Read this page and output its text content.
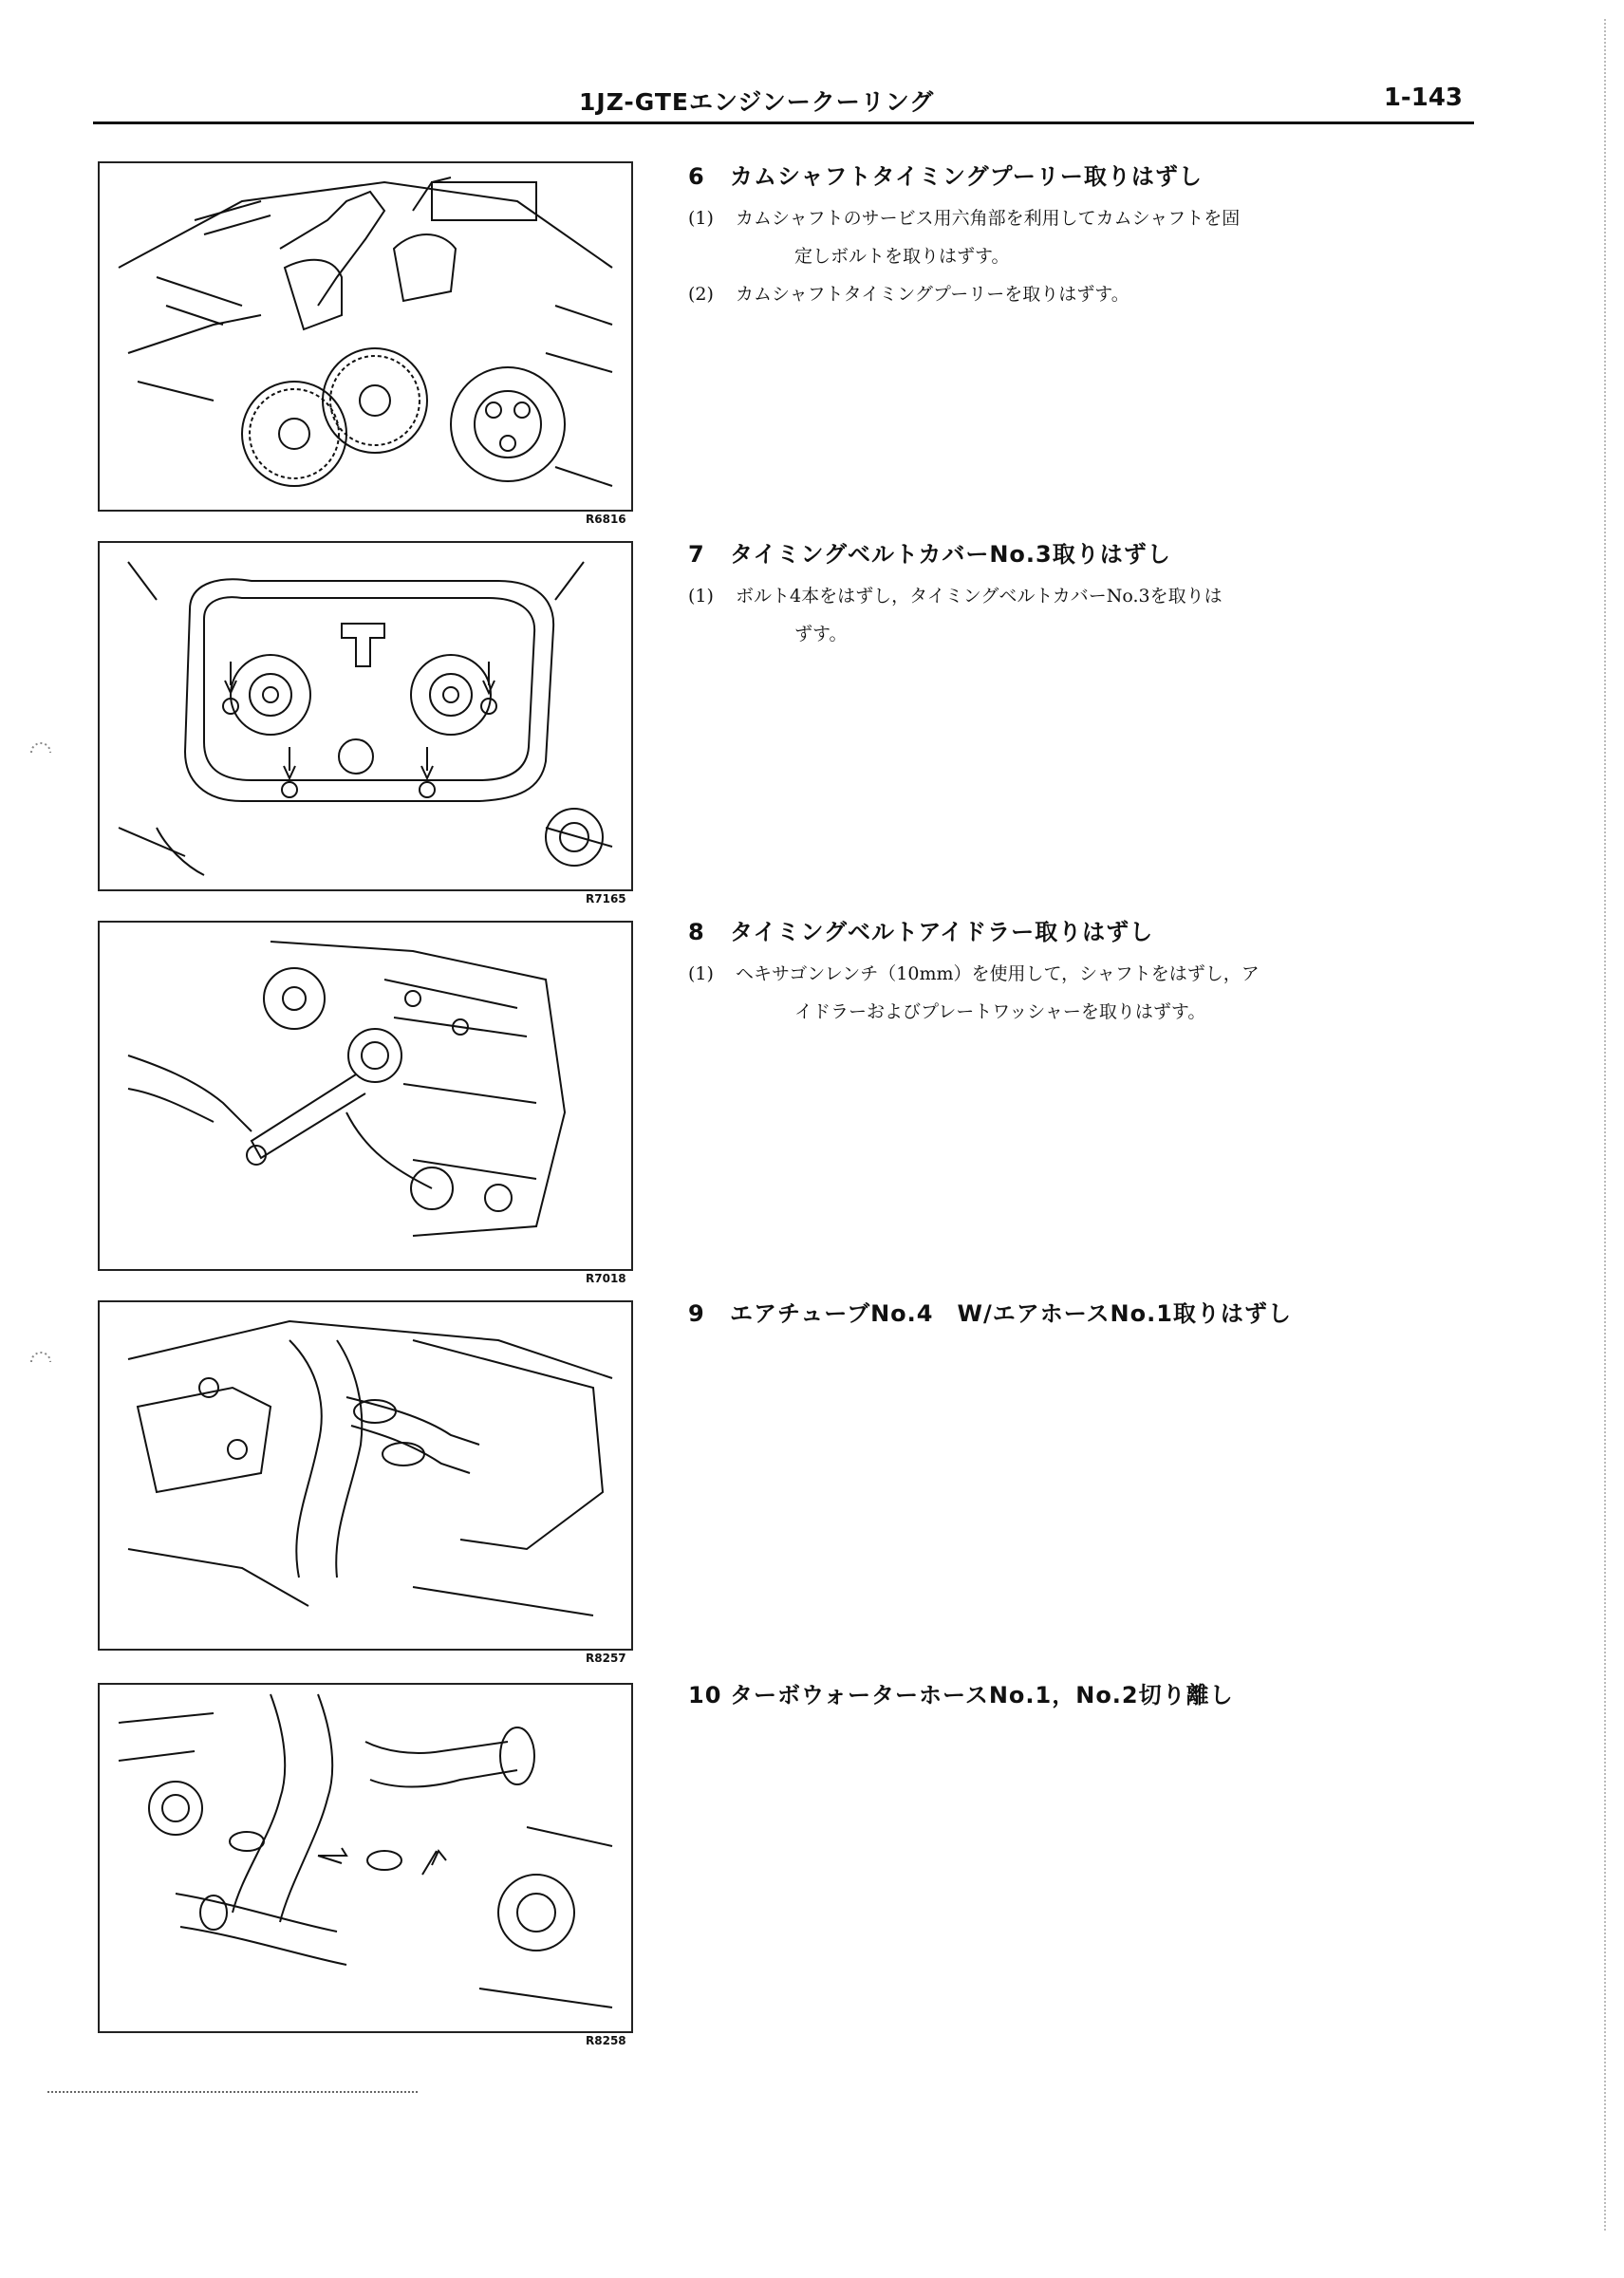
1JZ-GTEエンジンークーリング	1-143
R6816
R7165
R7018
R8257
R8258
6 カムシャフトタイミングプーリー取りはずし
(1) カムシャフトのサービス用六角部を利用してカムシャフトを固
定しボルトを取りはずす。
(2) カムシャフトタイミングプーリーを取りはずす。
7 タイミングベルトカバーNo.3取りはずし
(1) ボルト4本をはずし，タイミングベルトカバーNo.3を取りは
ずす。
8 タイミングベルトアイドラー取りはずし
(1) ヘキサゴンレンチ（10mm）を使用して，シャフトをはずし，ア
イドラーおよびプレートワッシャーを取りはずす。
9 エアチューブNo.4　W/エアホースNo.1取りはずし
10 ターボウォーターホースNo.1，No.2切り離し
